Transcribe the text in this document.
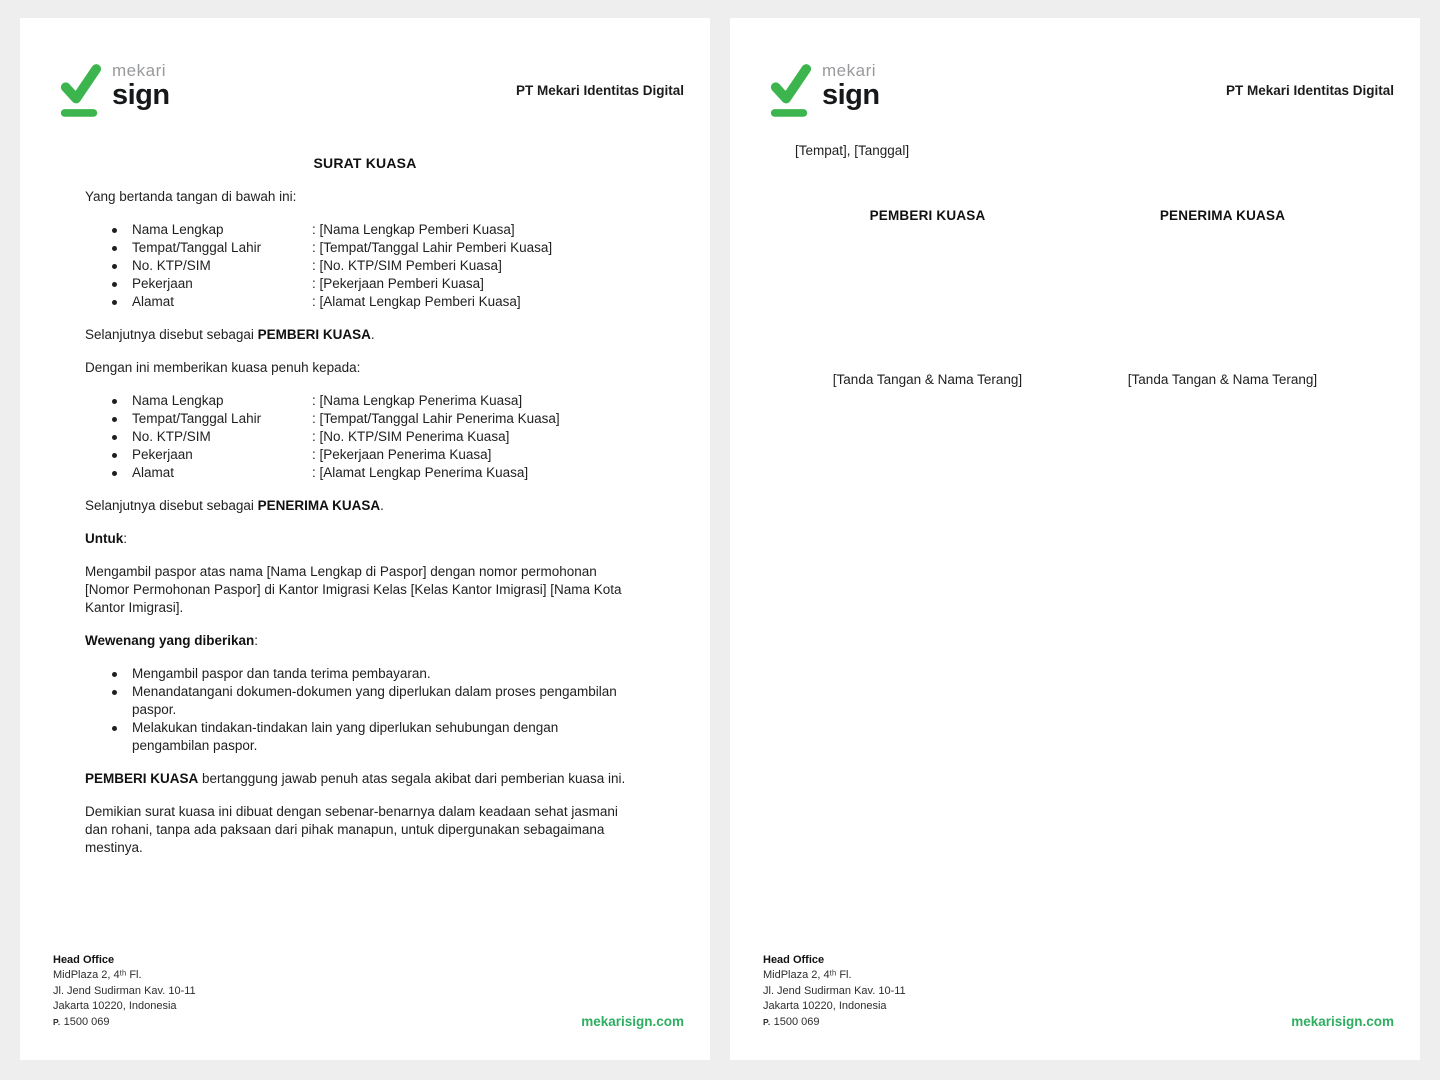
mekari
sign	PT Mekari Identitas Digital
SURAT KUASA

Yang bertanda tangan di bawah ini:

Nama Lengkap	: [Nama Lengkap Pemberi Kuasa]
Tempat/Tanggal Lahir	: [Tempat/Tanggal Lahir Pemberi Kuasa]
No. KTP/SIM	: [No. KTP/SIM Pemberi Kuasa]
Pekerjaan	: [Pekerjaan Pemberi Kuasa]
Alamat	: [Alamat Lengkap Pemberi Kuasa]

Selanjutnya disebut sebagai PEMBERI KUASA.

Dengan ini memberikan kuasa penuh kepada:

Nama Lengkap	: [Nama Lengkap Penerima Kuasa]
Tempat/Tanggal Lahir	: [Tempat/Tanggal Lahir Penerima Kuasa]
No. KTP/SIM	: [No. KTP/SIM Penerima Kuasa]
Pekerjaan	: [Pekerjaan Penerima Kuasa]
Alamat	: [Alamat Lengkap Penerima Kuasa]

Selanjutnya disebut sebagai PENERIMA KUASA.

Untuk:

Mengambil paspor atas nama [Nama Lengkap di Paspor] dengan nomor permohonan [Nomor Permohonan Paspor] di Kantor Imigrasi Kelas [Kelas Kantor Imigrasi] [Nama Kota Kantor Imigrasi].

Wewenang yang diberikan:

Mengambil paspor dan tanda terima pembayaran.
Menandatangani dokumen-dokumen yang diperlukan dalam proses pengambilan paspor.
Melakukan tindakan-tindakan lain yang diperlukan sehubungan dengan pengambilan paspor.

PEMBERI KUASA bertanggung jawab penuh atas segala akibat dari pemberian kuasa ini.

Demikian surat kuasa ini dibuat dengan sebenar-benarnya dalam keadaan sehat jasmani dan rohani, tanpa ada paksaan dari pihak manapun, untuk dipergunakan sebagaimana mestinya.

Head Office
MidPlaza 2, 4ᵗʰ Fl.
Jl. Jend Sudirman Kav. 10-11
Jakarta 10220, Indonesia
P. 1500 069	mekarisign.com
mekari
sign	PT Mekari Identitas Digital
[Tempat], [Tanggal]
PEMBERI KUASA
[Tanda Tangan & Nama Terang]
PENERIMA KUASA
[Tanda Tangan & Nama Terang]
Head Office
MidPlaza 2, 4ᵗʰ Fl.
Jl. Jend Sudirman Kav. 10-11
Jakarta 10220, Indonesia
P. 1500 069	mekarisign.com
